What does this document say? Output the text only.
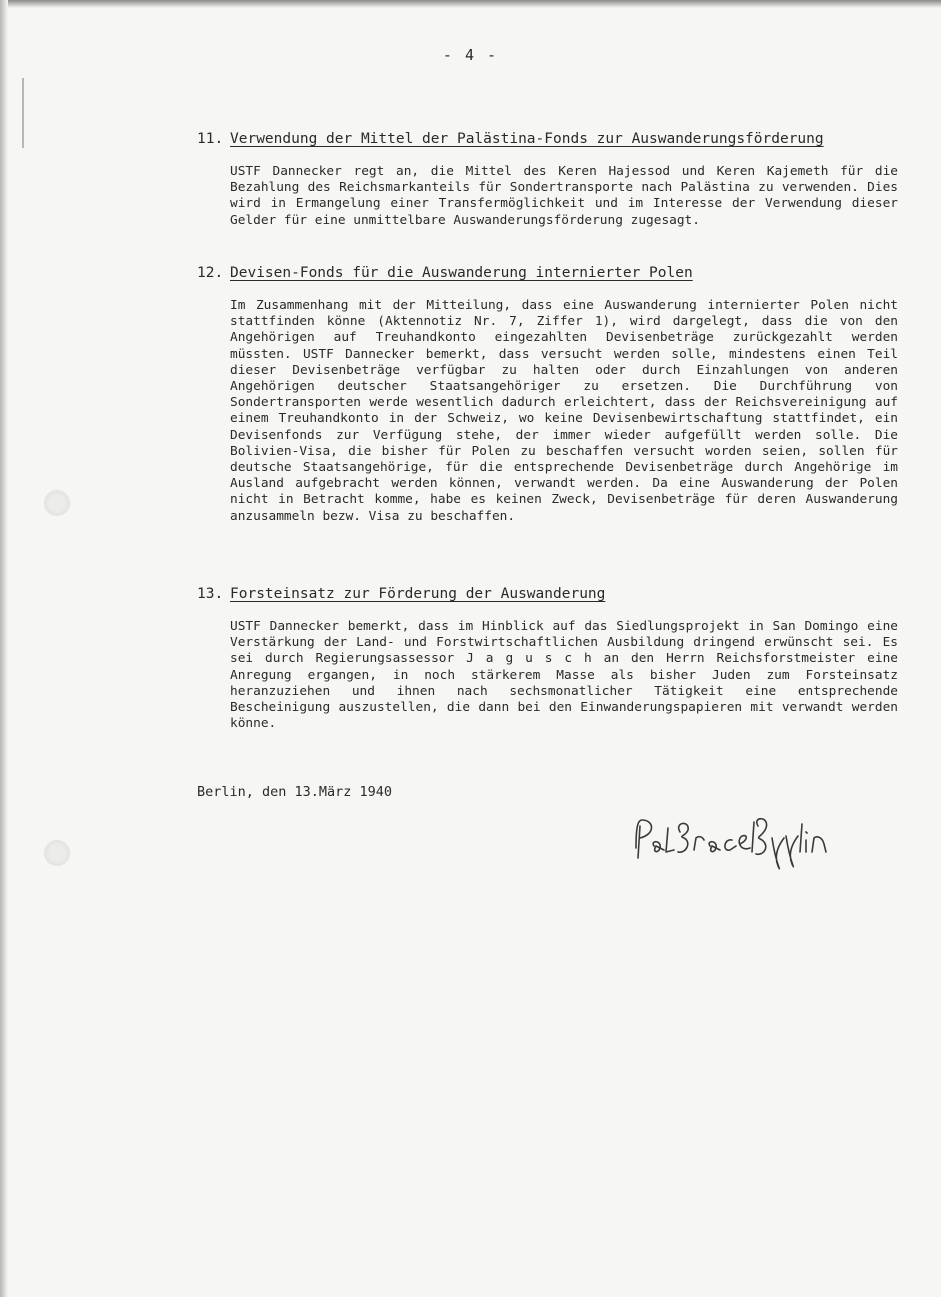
- 4 -
11. Verwendung der Mittel der Palästina-Fonds zur Auswanderungsförderung
USTF Dannecker regt an, die Mittel des Keren Hajessod und Keren Kajemeth für die Bezahlung des Reichsmarkanteils für Sondertransporte nach Palästina zu verwenden. Dies wird in Ermangelung einer Transfermöglichkeit und im Interesse der Verwendung dieser Gelder für eine unmittelbare Auswanderungsförderung zugesagt.
12. Devisen-Fonds für die Auswanderung internierter Polen
Im Zusammenhang mit der Mitteilung, dass eine Auswanderung internierter Polen nicht stattfinden könne (Aktennotiz Nr. 7, Ziffer 1), wird dargelegt, dass die von den Angehörigen auf Treuhandkonto eingezahlten Devisenbeträge zurückgezahlt werden müssten. USTF Dannecker bemerkt, dass versucht werden solle, mindestens einen Teil dieser Devisenbeträge verfügbar zu halten oder durch Einzahlungen von anderen Angehörigen deutscher Staatsangehöriger zu ersetzen. Die Durchführung von Sondertransporten werde wesentlich dadurch erleichtert, dass der Reichsvereinigung auf einem Treuhandkonto in der Schweiz, wo keine Devisenbewirtschaftung stattfindet, ein Devisenfonds zur Verfügung stehe, der immer wieder aufgefüllt werden solle. Die Bolivien-Visa, die bisher für Polen zu beschaffen versucht worden seien, sollen für deutsche Staatsangehörige, für die entsprechende Devisenbeträge durch Angehörige im Ausland aufgebracht werden können, verwandt werden. Da eine Auswanderung der Polen nicht in Betracht komme, habe es keinen Zweck, Devisenbeträge für deren Auswanderung anzusammeln bezw. Visa zu beschaffen.
13. Forsteinsatz zur Förderung der Auswanderung
USTF Dannecker bemerkt, dass im Hinblick auf das Siedlungsprojekt in San Domingo eine Verstärkung der Land- und Forstwirtschaftlichen Ausbildung dringend erwünscht sei. Es sei durch Regierungsassessor J a g u s c h an den Herrn Reichsforstmeister eine Anregung ergangen, in noch stärkerem Masse als bisher Juden zum Forsteinsatz heranzuziehen und ihnen nach sechsmonatlicher Tätigkeit eine entsprechende Bescheinigung auszustellen, die dann bei den Einwanderungspapieren mit verwandt werden könne.
Berlin, den 13.März 1940
